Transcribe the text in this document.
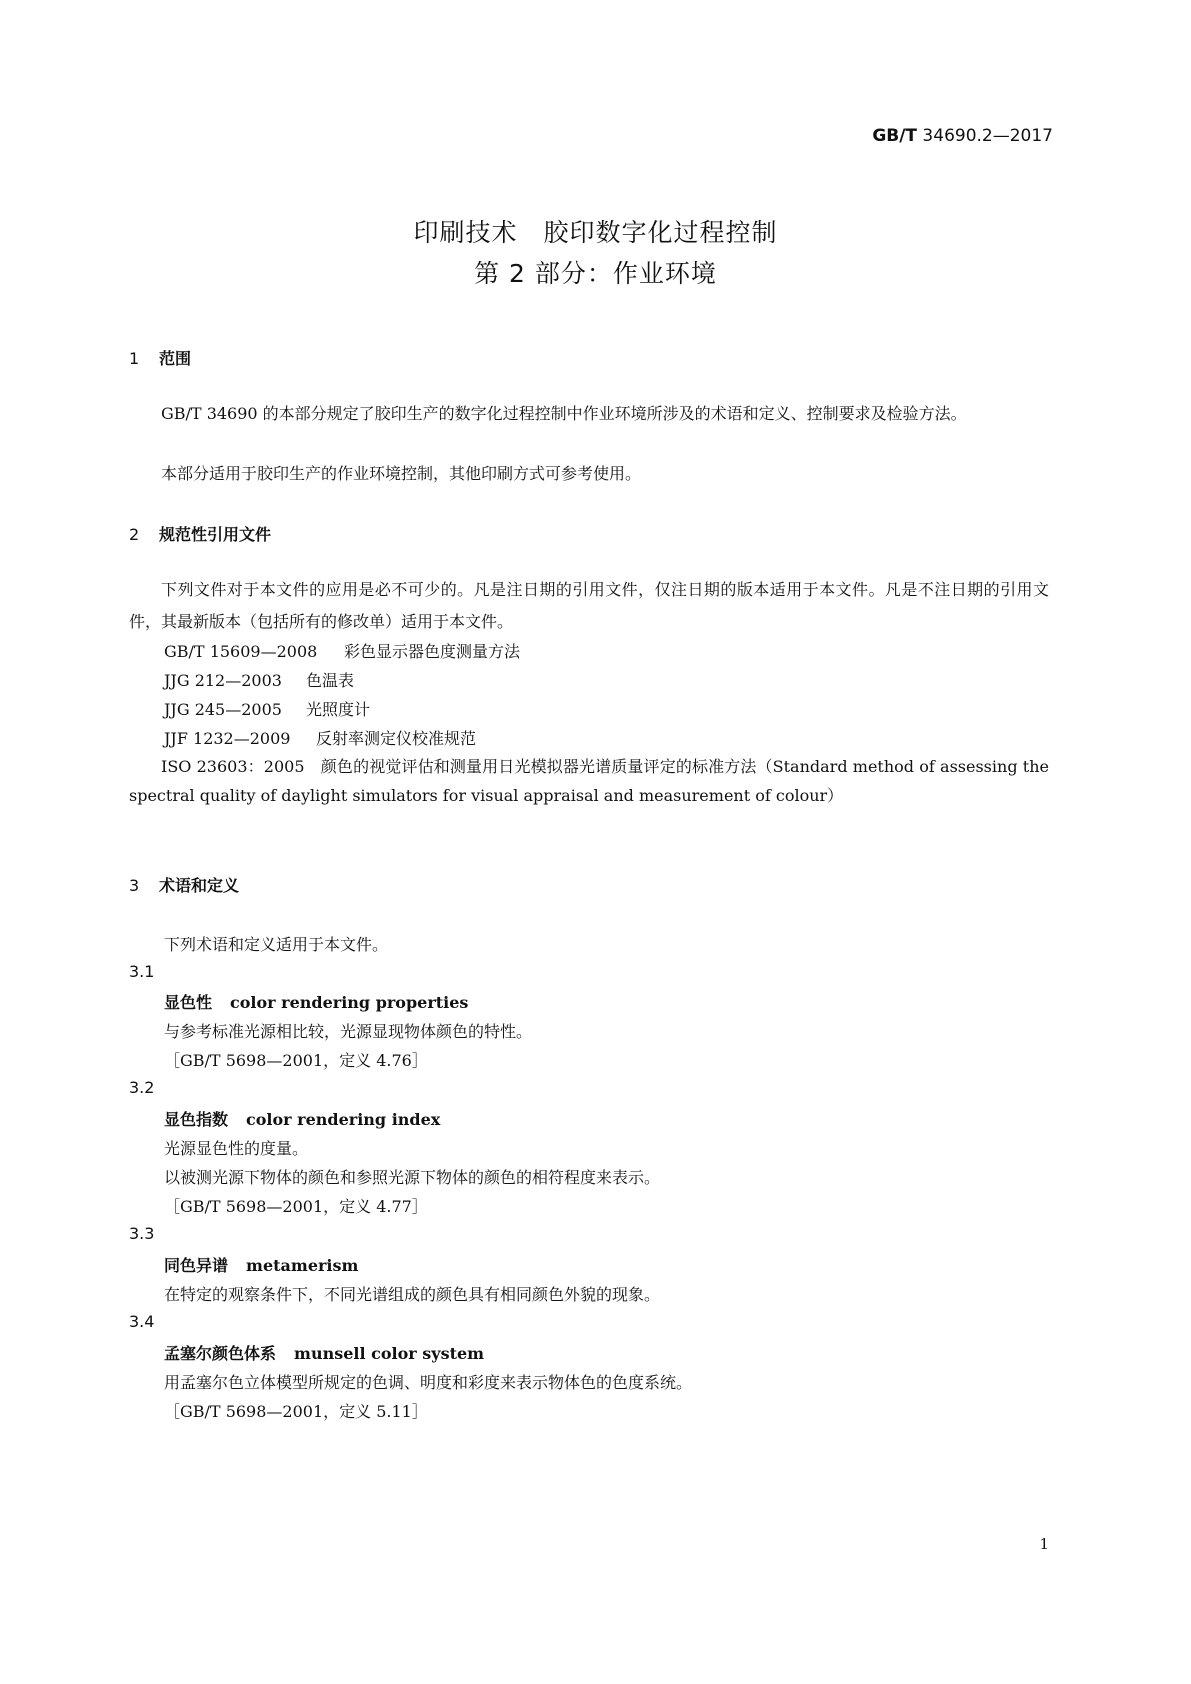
GB/T 34690.2—2017
印刷技术　胶印数字化过程控制
第 2 部分：作业环境
1 范围
GB/T 34690 的本部分规定了胶印生产的数字化过程控制中作业环境所涉及的术语和定义、控制要求及检验方法。
本部分适用于胶印生产的作业环境控制，其他印刷方式可参考使用。
2 规范性引用文件
下列文件对于本文件的应用是必不可少的。凡是注日期的引用文件，仅注日期的版本适用于本文件。凡是不注日期的引用文件，其最新版本（包括所有的修改单）适用于本文件。
GB/T 15609—2008 彩色显示器色度测量方法
JJG 212—2003 色温表
JJG 245—2005 光照度计
JJF 1232—2009 反射率测定仪校准规范
ISO 23603：2005　颜色的视觉评估和测量用日光模拟器光谱质量评定的标准方法（Standard method of assessing the spectral quality of daylight simulators for visual appraisal and measurement of colour）
3 术语和定义
下列术语和定义适用于本文件。
3.1
显色性 color rendering properties
与参考标准光源相比较，光源显现物体颜色的特性。
［GB/T 5698—2001，定义 4.76］
3.2
显色指数 color rendering index
光源显色性的度量。
以被测光源下物体的颜色和参照光源下物体的颜色的相符程度来表示。
［GB/T 5698—2001，定义 4.77］
3.3
同色异谱 metamerism
在特定的观察条件下，不同光谱组成的颜色具有相同颜色外貌的现象。
3.4
孟塞尔颜色体系 munsell color system
用孟塞尔色立体模型所规定的色调、明度和彩度来表示物体色的色度系统。
［GB/T 5698—2001，定义 5.11］
1
